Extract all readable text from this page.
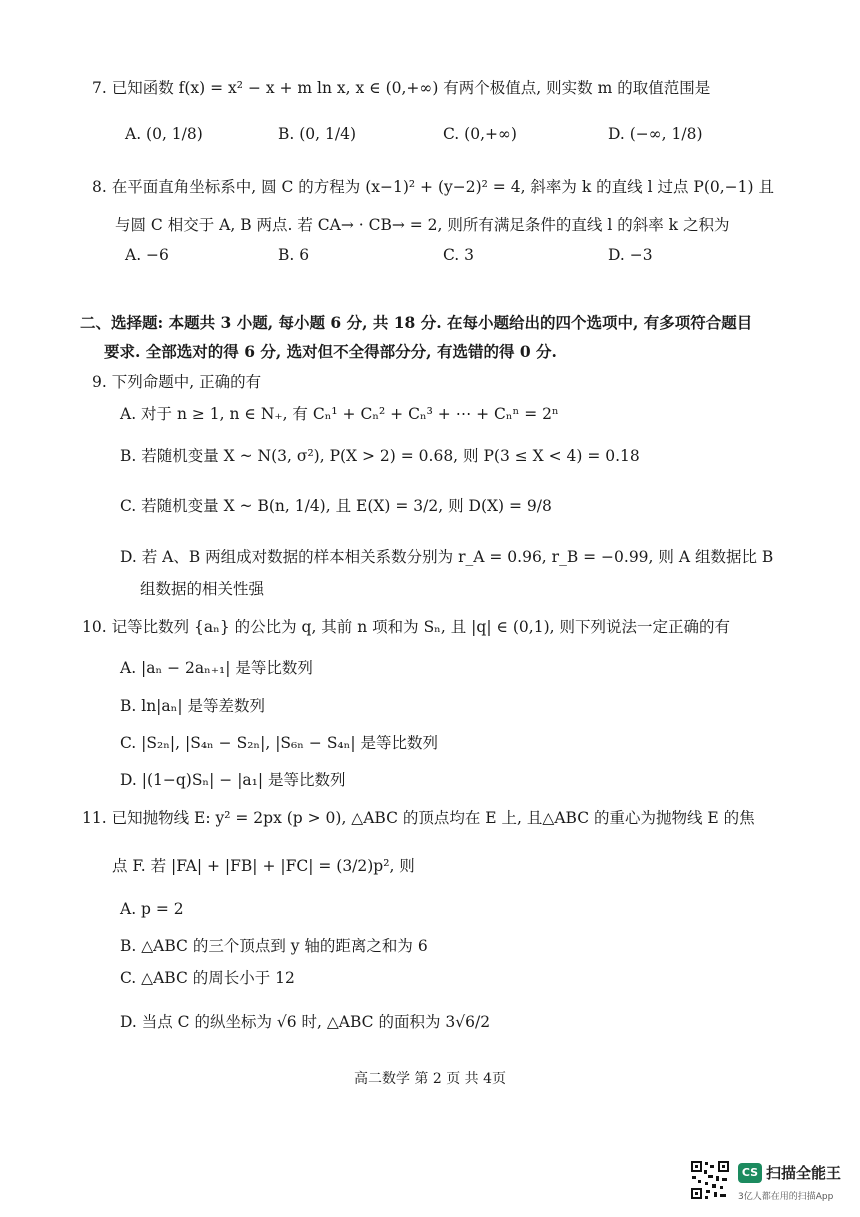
7. 已知函数 f(x) = x² − x + m ln x, x ∈ (0,+∞) 有两个极值点, 则实数 m 的取值范围是
A. (0, 1/8)	B. (0, 1/4)	C. (0,+∞)	D. (−∞, 1/8)
8. 在平面直角坐标系中, 圆 C 的方程为 (x−1)² + (y−2)² = 4, 斜率为 k 的直线 l 过点 P(0,−1) 且
与圆 C 相交于 A, B 两点. 若 CA→ · CB→ = 2, 则所有满足条件的直线 l 的斜率 k 之积为
A. −6	B. 6	C. 3	D. −3
二、选择题: 本题共 3 小题, 每小题 6 分, 共 18 分. 在每小题给出的四个选项中, 有多项符合题目
要求. 全部选对的得 6 分, 选对但不全得部分分, 有选错的得 0 分.
9. 下列命题中, 正确的有
A. 对于 n ≥ 1, n ∈ N₊, 有 Cₙ¹ + Cₙ² + Cₙ³ + ⋯ + Cₙⁿ = 2ⁿ
B. 若随机变量 X ~ N(3, σ²), P(X > 2) = 0.68, 则 P(3 ≤ X < 4) = 0.18
C. 若随机变量 X ~ B(n, 1/4), 且 E(X) = 3/2, 则 D(X) = 9/8
D. 若 A、B 两组成对数据的样本相关系数分别为 r_A = 0.96, r_B = −0.99, 则 A 组数据比 B
组数据的相关性强
10. 记等比数列 {aₙ} 的公比为 q, 其前 n 项和为 Sₙ, 且 |q| ∈ (0,1), 则下列说法一定正确的有
A. |aₙ − 2aₙ₊₁| 是等比数列
B. ln|aₙ| 是等差数列
C. |S₂ₙ|, |S₄ₙ − S₂ₙ|, |S₆ₙ − S₄ₙ| 是等比数列
D. |(1−q)Sₙ| − |a₁| 是等比数列
11. 已知抛物线 E: y² = 2px (p > 0), △ABC 的顶点均在 E 上, 且△ABC 的重心为抛物线 E 的焦
点 F. 若 |FA| + |FB| + |FC| = (3/2)p², 则
A. p = 2
B. △ABC 的三个顶点到 y 轴的距离之和为 6
C. △ABC 的周长小于 12
D. 当点 C 的纵坐标为 √6 时, △ABC 的面积为 3√6/2
高二数学 第 2 页 共 4页
CS 扫描全能王
3亿人都在用的扫描App
